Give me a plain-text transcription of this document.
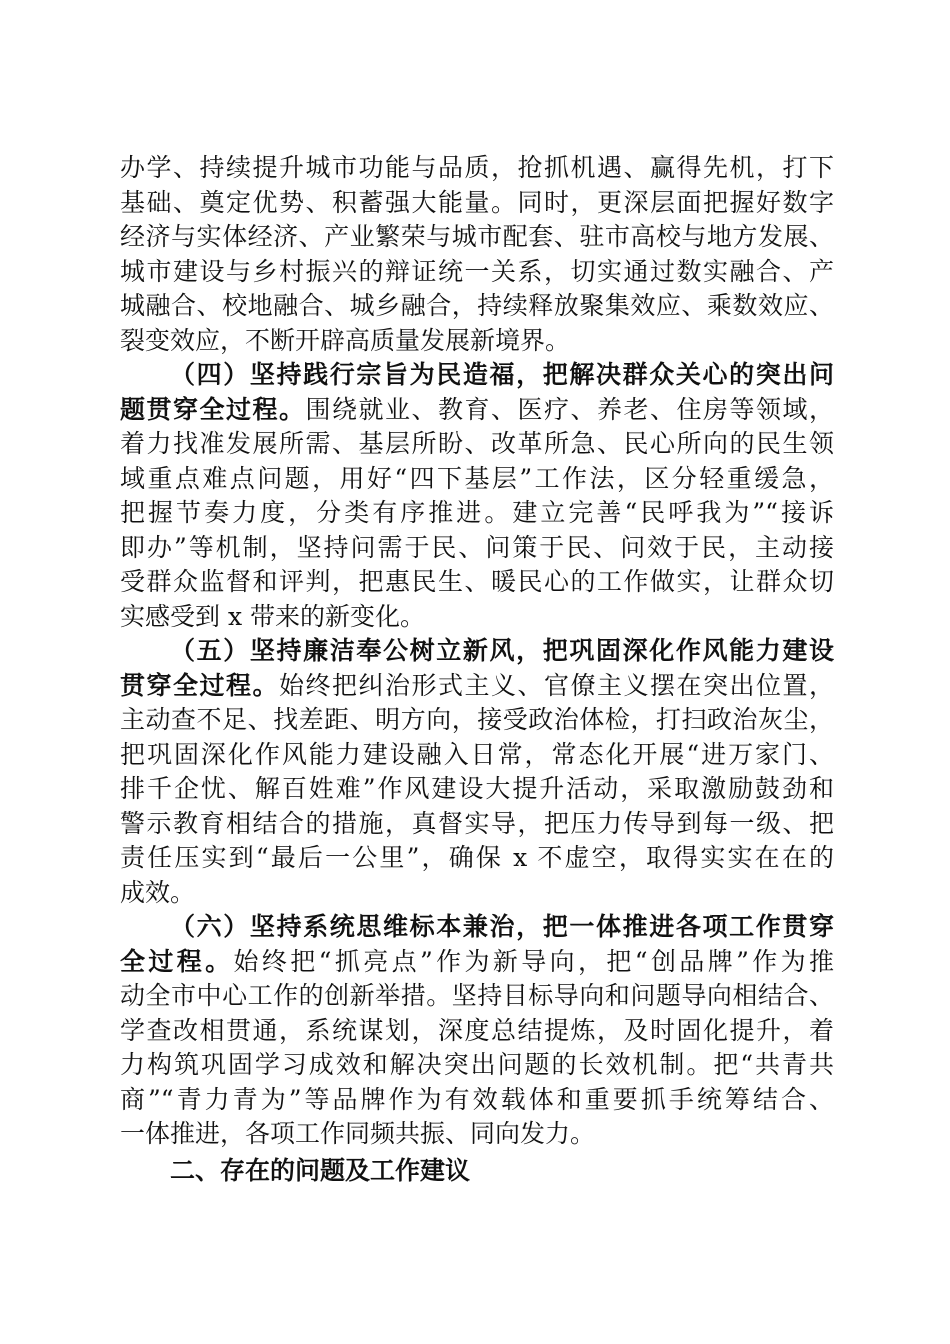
办学、持续提升城市功能与品质，抢抓机遇、赢得先机，打下
基础、奠定优势、积蓄强大能量。同时，更深层面把握好数字
经济与实体经济、产业繁荣与城市配套、驻市高校与地方发展、
城市建设与乡村振兴的辩证统一关系，切实通过数实融合、产
城融合、校地融合、城乡融合，持续释放聚集效应、乘数效应、
裂变效应，不断开辟高质量发展新境界。
（四）坚持践行宗旨为民造福，把解决群众关心的突出问
题贯穿全过程。围绕就业、教育、医疗、养老、住房等领域，
着力找准发展所需、基层所盼、改革所急、民心所向的民生领
域重点难点问题，用好“四下基层”工作法，区分轻重缓急，
把握节奏力度，分类有序推进。建立完善“民呼我为”“接诉
即办”等机制，坚持问需于民、问策于民、问效于民，主动接
受群众监督和评判，把惠民生、暖民心的工作做实，让群众切
实感受到 x 带来的新变化。
（五）坚持廉洁奉公树立新风，把巩固深化作风能力建设
贯穿全过程。始终把纠治形式主义、官僚主义摆在突出位置，
主动查不足、找差距、明方向，接受政治体检，打扫政治灰尘，
把巩固深化作风能力建设融入日常，常态化开展“进万家门、
排千企忧、解百姓难”作风建设大提升活动，采取激励鼓劲和
警示教育相结合的措施，真督实导，把压力传导到每一级、把
责任压实到“最后一公里”，确保 x 不虚空，取得实实在在的
成效。
（六）坚持系统思维标本兼治，把一体推进各项工作贯穿
全过程。始终把“抓亮点”作为新导向，把“创品牌”作为推
动全市中心工作的创新举措。坚持目标导向和问题导向相结合、
学查改相贯通，系统谋划，深度总结提炼，及时固化提升，着
力构筑巩固学习成效和解决突出问题的长效机制。把“共青共
商”“青力青为”等品牌作为有效载体和重要抓手统筹结合、
一体推进，各项工作同频共振、同向发力。
二、存在的问题及工作建议
